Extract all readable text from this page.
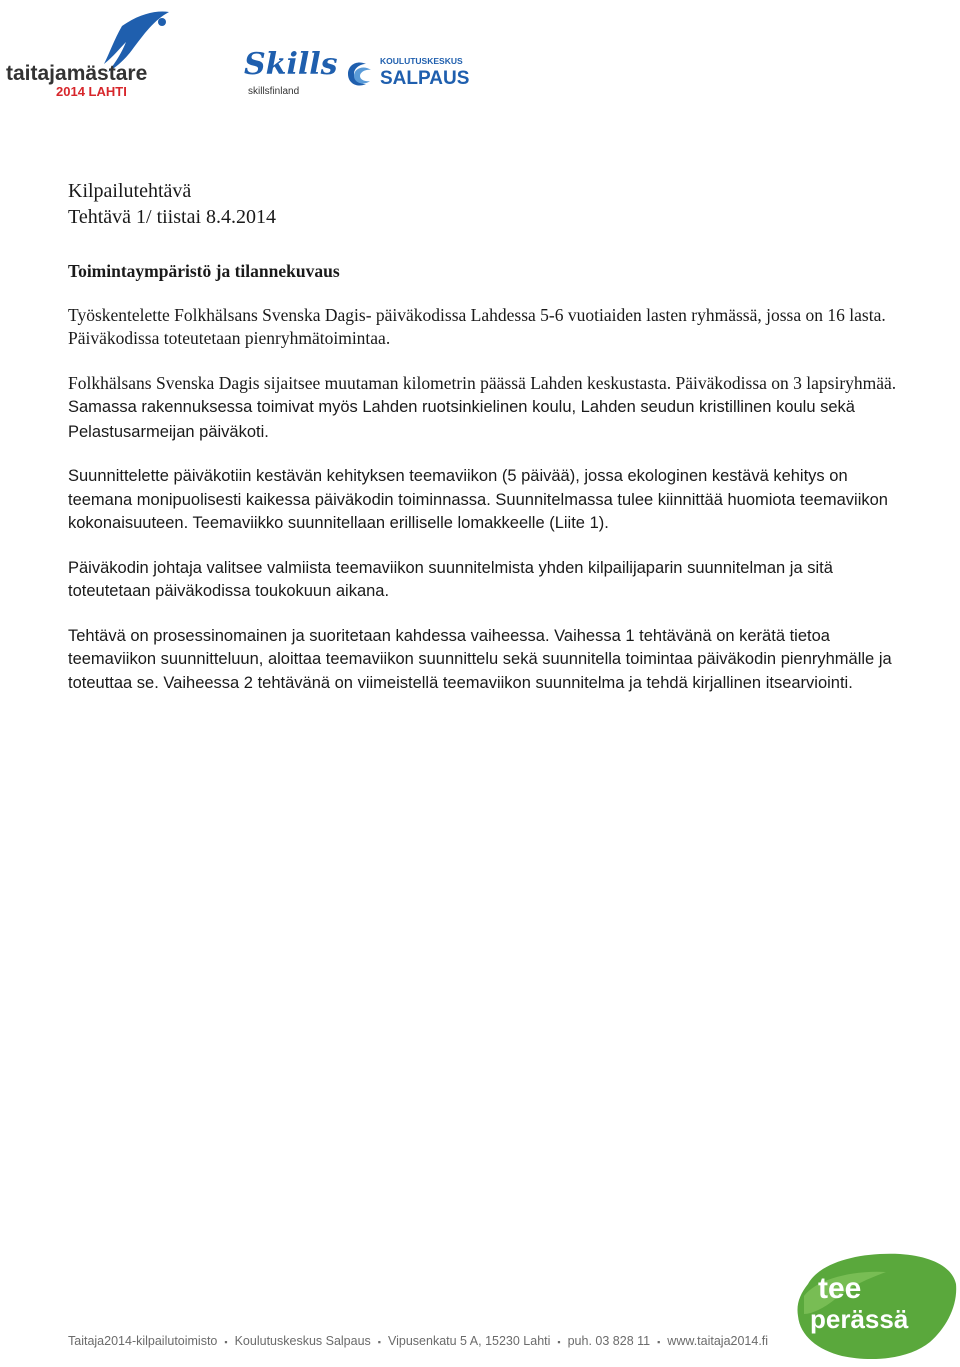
taitajamästare
2014 LAHTI
Skills
skillsfinland
KOULUTUSKESKUS
SALPAUS

Kilpailutehtävä

Tehtävä 1/ tiistai 8.4.2014

Toimintaympäristö ja tilannekuvaus

Työskentelette Folkhälsans Svenska Dagis- päiväkodissa Lahdessa 5-6 vuotiaiden lasten ryhmässä, jossa on 16 lasta. Päiväkodissa toteutetaan pienryhmätoimintaa.

Folkhälsans Svenska Dagis sijaitsee muutaman kilometrin päässä Lahden keskustasta. Päiväkodissa on 3 lapsiryhmää. Samassa rakennuksessa toimivat myös Lahden ruotsinkielinen koulu, Lahden seudun kristillinen koulu sekä Pelastusarmeijan päiväkoti.

Suunnittelette päiväkotiin kestävän kehityksen teemaviikon (5 päivää), jossa ekologinen kestävä kehitys on teemana monipuolisesti kaikessa päiväkodin toiminnassa. Suunnitelmassa tulee kiinnittää huomiota teemaviikon kokonaisuuteen. Teemaviikko suunnitellaan erilliselle lomakkeelle (Liite 1).

Päiväkodin johtaja valitsee valmiista teemaviikon suunnitelmista yhden kilpailijaparin suunnitelman ja sitä toteutetaan päiväkodissa toukokuun aikana.

Tehtävä on prosessinomainen ja suoritetaan kahdessa vaiheessa. Vaihessa 1 tehtävänä on kerätä tietoa teemaviikon suunnitteluun, aloittaa teemaviikon suunnittelu sekä suunnitella toimintaa päiväkodin pienryhmälle ja toteuttaa se. Vaiheessa 2 tehtävänä on viimeistellä teemaviikon suunnitelma ja tehdä kirjallinen itsearviointi.

Taitaja2014-kilpailutoimisto ▪ Koulutuskeskus Salpaus ▪ Vipusenkatu 5 A, 15230 Lahti ▪ puh. 03 828 11 ▪ www.taitaja2014.fi
tee
perässä
